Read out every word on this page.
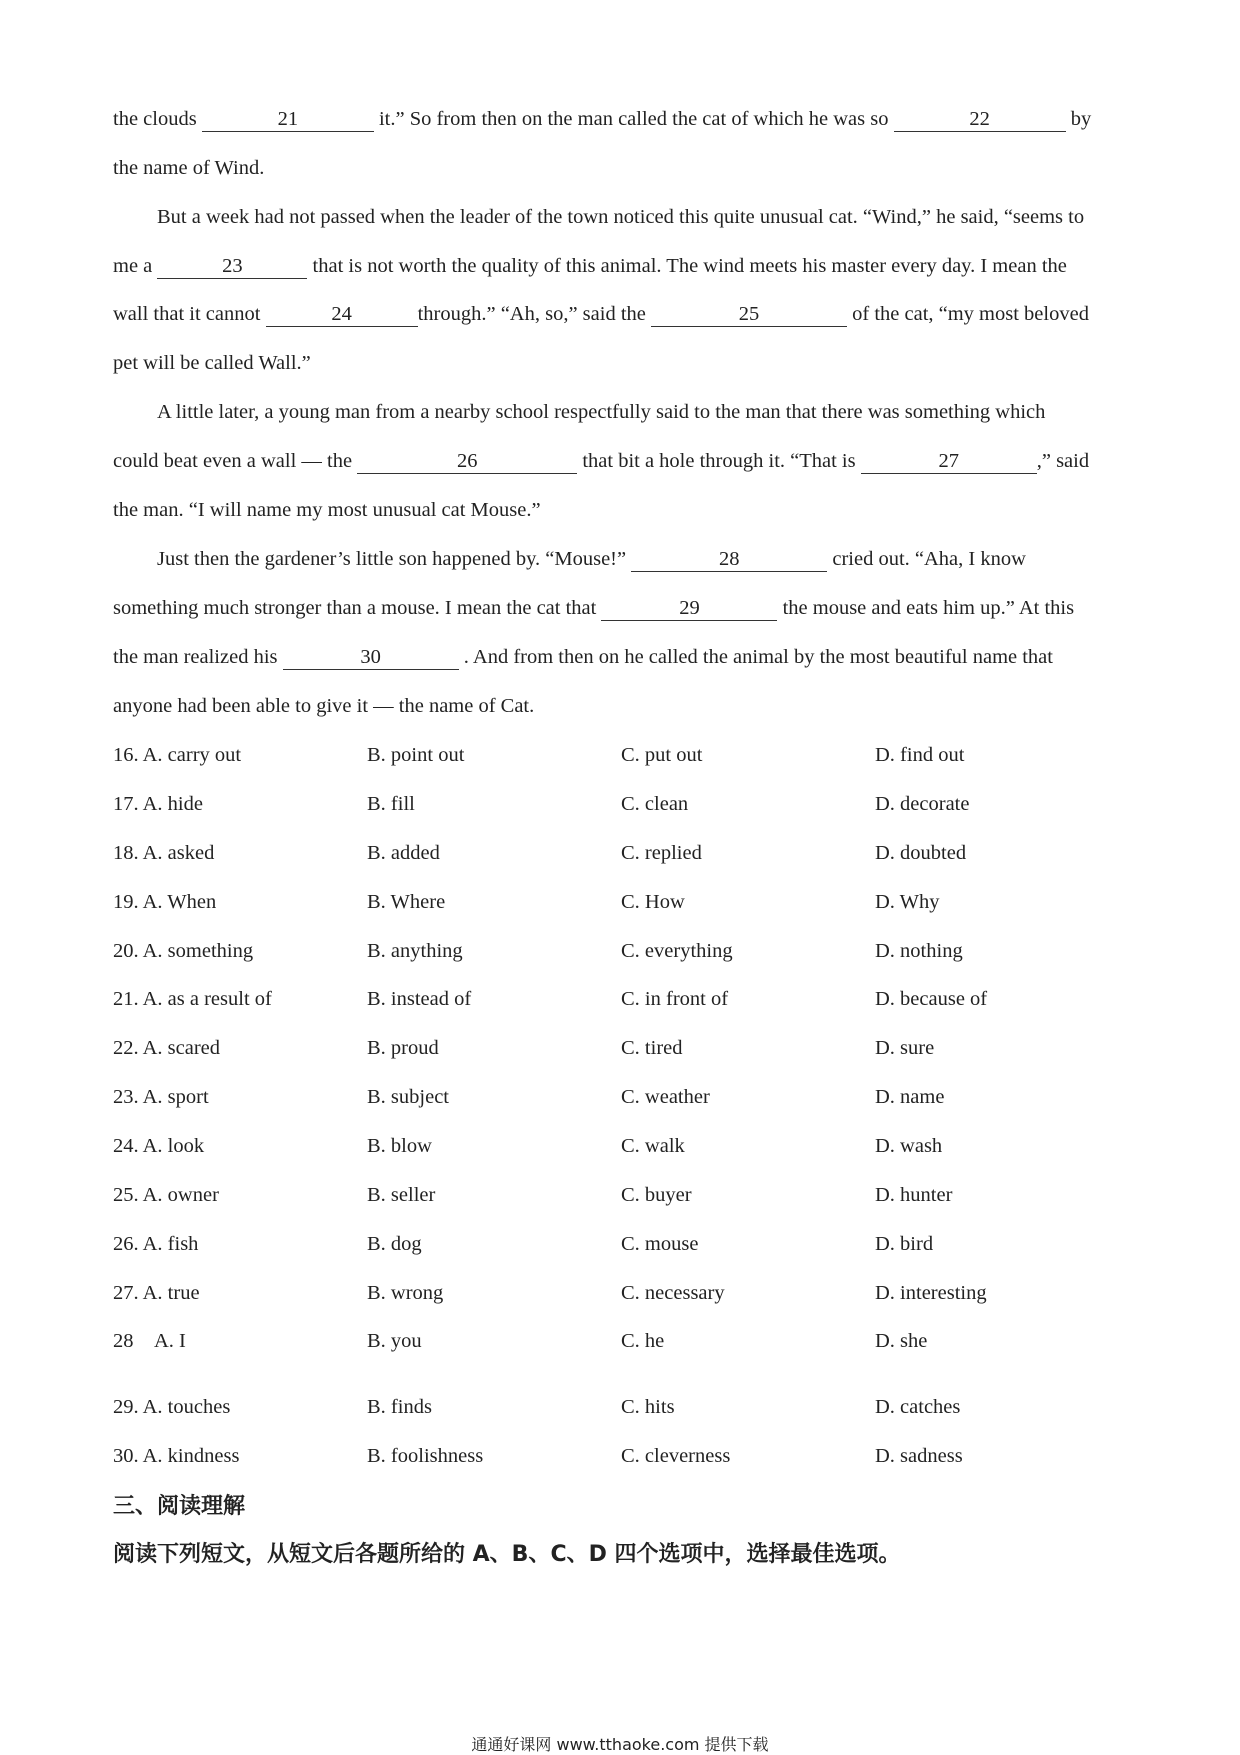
the clouds	21	it.” So from then on the man called the cat of which he was so	22	by
the name of Wind.
But a week had not passed when the leader of the town noticed this quite unusual cat. “Wind,” he said, “seems to
me a	23	that is not worth the quality of this animal. The wind meets his master every day. I mean the
wall that it cannot	24	through.” “Ah, so,” said the	25	of the cat, “my most beloved
pet will be called Wall.”
A little later, a young man from a nearby school respectfully said to the man that there was something which
could beat even a wall — the	26	that bit a hole through it. “That is	27	,” said
the man. “I will name my most unusual cat Mouse.”
Just then the gardener’s little son happened by. “Mouse!”	28	cried out. “Aha, I know
something much stronger than a mouse. I mean the cat that	29	the mouse and eats him up.” At this
the man realized his	30	. And from then on he called the animal by the most beautiful name that
anyone had been able to give it — the name of Cat.
16. A. carry out	B. point out	C. put out	D. find out
17. A. hide	B. fill	C. clean	D. decorate
18. A. asked	B. added	C. replied	D. doubted
19. A. When	B. Where	C. How	D. Why
20. A. something	B. anything	C. everything	D. nothing
21. A. as a result of	B. instead of	C. in front of	D. because of
22. A. scared	B. proud	C. tired	D. sure
23. A. sport	B. subject	C. weather	D. name
24. A. look	B. blow	C. walk	D. wash
25. A. owner	B. seller	C. buyer	D. hunter
26. A. fish	B. dog	C. mouse	D. bird
27. A. true	B. wrong	C. necessary	D. interesting
28　A. I	B. you	C. he	D. she
29. A. touches	B. finds	C. hits	D. catches
30. A. kindness	B. foolishness	C. cleverness	D. sadness
三、阅读理解
阅读下列短文，从短文后各题所给的 A、B、C、D 四个选项中，选择最佳选项。
通通好课网 www.tthaoke.com 提供下载
